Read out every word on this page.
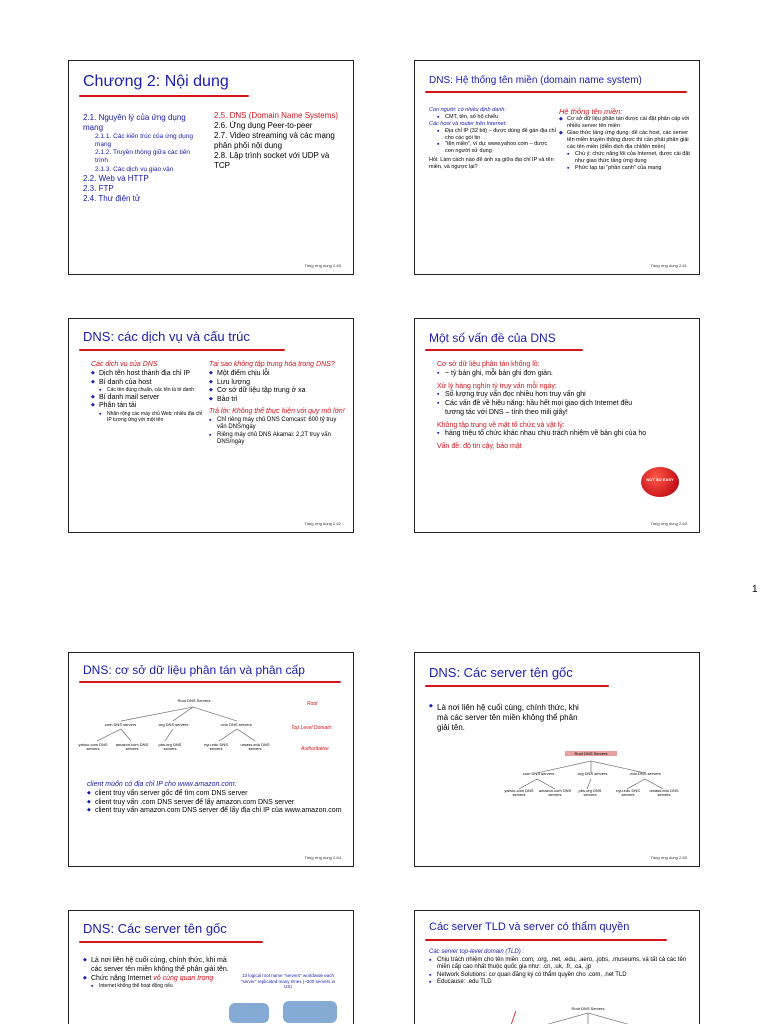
Chương 2: Nội dung
2.1. Nguyên lý của ứng dụng mạng
2.1.1. Các kiến trúc của ứng dụng mạng
2.1.2. Truyền thông giữa các tiến trình
2.1.3. Các dịch vụ giao vận
2.2. Web và HTTP
2.3. FTP
2.4. Thư điện tử
2.5. DNS (Domain Name Systems)
2.6. Ứng dụng Peer-to-peer
2.7. Video streaming và các mạng phân phối nội dung
2.8. Lập trình socket với UDP và TCP
Tầng ứng dụng 2-60
DNS: Hệ thống tên miền (domain name system)
Con người: có nhiều định danh:
▪ CMT, tên, số hộ chiếu
Các host và router trên Internet:
▪ Địa chỉ IP (32 bit) – được dùng để gán địa chỉ cho các gói tin
▪ "tên miền", ví dụ: www.yahoo.com – được con người sử dụng
Hỏi: Làm cách nào để ánh xạ giữa địa chỉ IP và tên miền, và ngược lại?
Hệ thống tên miền:
◆ Cơ sở dữ liệu phân tán được cài đặt phân cấp với nhiều server tên miền
◆ Giao thức tầng ứng dụng: để các host, các server tên miền truyền thông được thì cần phải phân giải các tên miền (diễn dịch địa chỉ/tên miền)
▪ Chú ý: chức năng lõi của Internet, được cài đặt như giao thức tầng ứng dụng
▪ Phức tạp tại "phần cạnh" của mạng
Tầng ứng dụng 2-61
DNS: các dịch vụ và cấu trúc
Các dịch vụ của DNS
◆ Dịch tên host thành địa chỉ IP
◆ Bí danh của host
▪ Các tên đúng chuẩn, các tên là bí danh
◆ Bí danh mail server
◆ Phân tán tải
▪ Nhân rộng các máy chủ Web: nhiều địa chỉ IP tương ứng với một tên
Tại sao không tập trung hóa trong DNS?
◆ Một điểm chịu lỗi
◆ Lưu lượng
◆ Cơ sở dữ liệu tập trung ở xa
◆ Bảo trì
Trả lời: Không thể thực hiện với quy mô lớn!
▪ Chỉ riêng máy chủ DNS Comcast: 600 tỷ truy vấn DNS/ngày
▪ Riêng máy chủ DNS Akamai: 2,2T truy vấn DNS/ngày
Tầng ứng dụng 2-62
Một số vấn đề của DNS
Cơ sở dữ liệu phân tán khổng lồ:
▪ ~ tỷ bản ghi, mỗi bản ghi đơn giản.
Xử lý hàng nghìn tỷ truy vấn mỗi ngày:
▪ Số lượng truy vấn đọc nhiều hơn truy vấn ghi
▪ Các vấn đề về hiệu năng: hầu hết mọi giao dịch Internet đều tương tác với DNS – tính theo mili giây!
Không tập trung về mặt tổ chức và vật lý:
▪ hàng triệu tổ chức khác nhau chịu trách nhiệm về bản ghi của họ
Vấn đề: độ tin cậy, bảo mật
NOT SO EASY
Tầng ứng dụng 2-63
1
DNS: cơ sở dữ liệu phân tán và phân cấp
Root DNS Servers
.com DNS servers	.org DNS servers	.edu DNS servers
yahoo.com DNS servers
amazon.com DNS servers
pbs.org DNS servers
nyu.edu DNS servers
umass.edu DNS servers
Root
Top Level Domain
Authoritative
client muốn có địa chỉ IP cho www.amazon.com:
◆ client truy vấn server gốc để tìm com DNS server
◆ client truy vấn .com DNS server để lấy amazon.com DNS server
◆ client truy vấn amazon.com DNS server để lấy địa chỉ IP của www.amazon.com
Tầng ứng dụng 2-64
DNS: Các server tên gốc
◆ Là nơi liên hệ cuối cùng, chính thức, khi mà các server tên miền không thể phân giải tên.
Root DNS Servers
.com DNS servers	.org DNS servers	.edu DNS servers
yahoo.com DNS servers
amazon.com DNS servers
pbs.org DNS servers
nyu.edu DNS servers
umass.edu DNS servers
Tầng ứng dụng 2-65
DNS: Các server tên gốc
◆ Là nơi liên hệ cuối cùng, chính thức, khi mà các server tên miền không thể phân giải tên.
◆ Chức năng Internet vô cùng quan trọng
▪ Internet không thể hoạt động nếu
13 logical root name "servers" worldwide each "server" replicated many times (~200 servers in US)
Các server TLD và server có thẩm quyền
Các server top-level domain (TLD) :
▪ Chịu trách nhiệm cho tên miền .com, .org, .net, .edu, .aero, .jobs, .museums, và tất cả các tên miền cấp cao nhất thuộc quốc gia như: .cn, .uk, .fr, .ca, .jp
▪ Network Solutions: cơ quan đăng ký có thẩm quyền cho .com, .net TLD
▪ Educause: .edu TLD
Root DNS Servers
